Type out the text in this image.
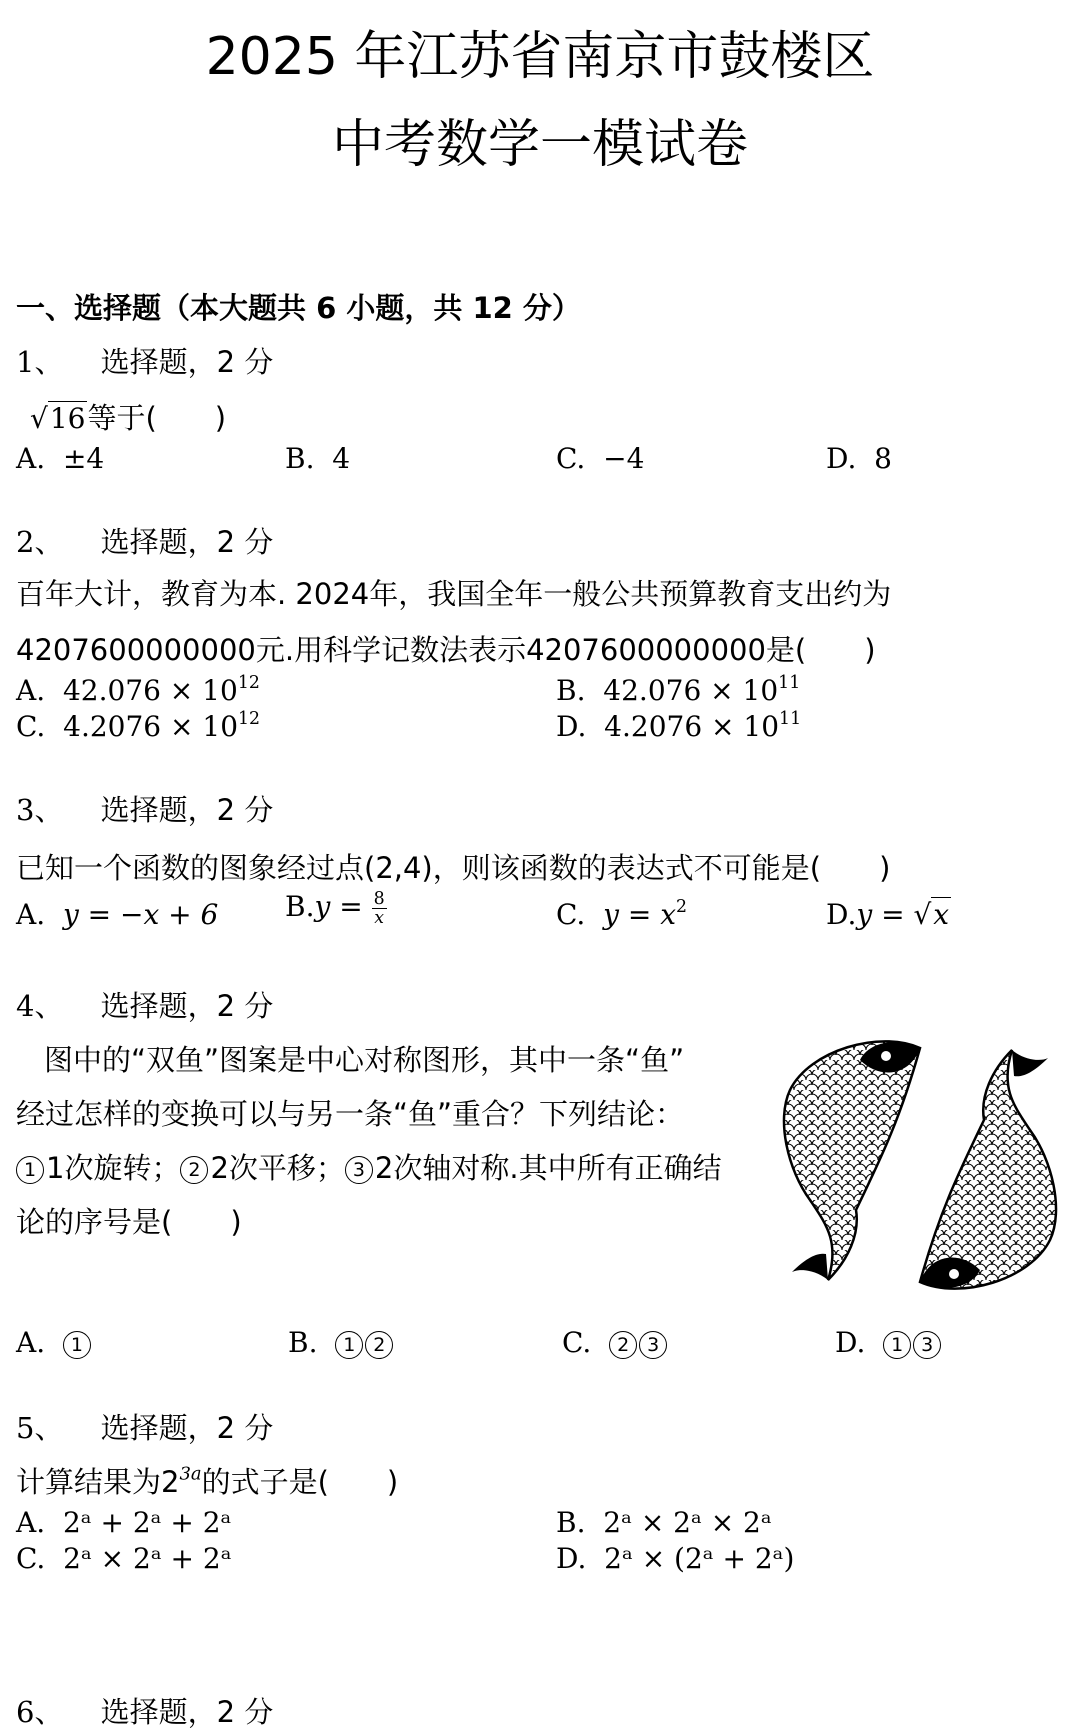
2025 年江苏省南京市鼓楼区
中考数学一模试卷
一、选择题（本大题共 6 小题，共 12 分）
1、 选择题，2 分
√16等于(　　)
A. ±4	B. 4	C. −4	D. 8
2、 选择题，2 分
百年大计，教育为本. 2024年，我国全年一般公共预算教育支出约为
4207600000000元.用科学记数法表示4207600000000是(　　)
A. $42.076 \times 10^{12}$	B. $42.076 \times 10^{11}$
C. $4.2076 \times 10^{12}$	D. $4.2076 \times 10^{11}$
3、 选择题，2 分
已知一个函数的图象经过点(2,4)，则该函数的表达式不可能是(　　)
A. y = −x + 6 $B.y = \frac{8}{x}$	C. $y = x^2$	D.y = √x
4、 选择题，2 分
图中的“双鱼”图案是中心对称图形，其中一条“鱼”
经过怎样的变换可以与另一条“鱼”重合？下列结论：
1 1次旋转； 2 2次平移； 3 2次轴对称.其中所有正确结
论的序号是(　　)
A. 1	B. 1 2	C. 2 3	D. 1 3
5、 选择题，2 分
计算结果为$2^{3a}$的式子是(　　)
A. 2ᵃ + 2ᵃ + 2ᵃ	B. 2ᵃ × 2ᵃ × 2ᵃ
C. 2ᵃ × 2ᵃ + 2ᵃ	D. 2ᵃ × (2ᵃ + 2ᵃ)
6、 选择题，2 分
